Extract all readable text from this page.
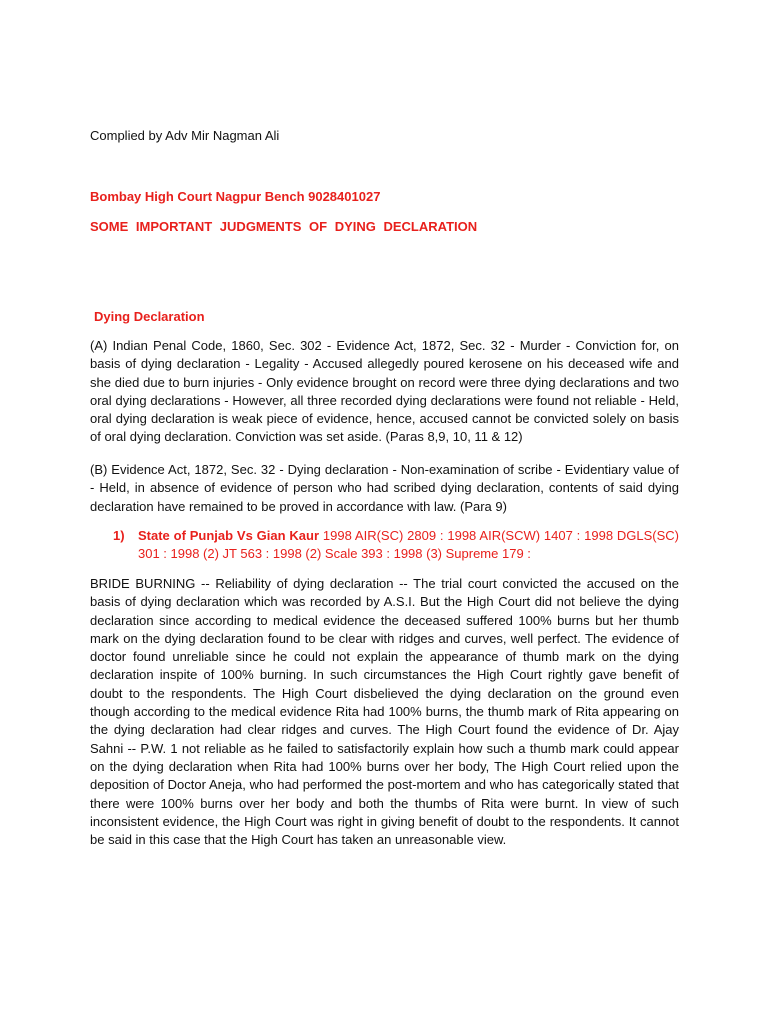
Complied by Adv Mir Nagman Ali
Bombay High Court Nagpur Bench 9028401027
SOME IMPORTANT JUDGMENTS OF DYING DECLARATION
Dying Declaration

(A) Indian Penal Code, 1860, Sec. 302 - Evidence Act, 1872, Sec. 32 - Murder - Conviction for, on basis of dying declaration - Legality - Accused allegedly poured kerosene on his deceased wife and she died due to burn injuries - Only evidence brought on record were three dying declarations and two oral dying declarations - However, all three recorded dying declarations were found not reliable - Held, oral dying declaration is weak piece of evidence, hence, accused cannot be convicted solely on basis of oral dying declaration. Conviction was set aside. (Paras 8,9, 10, 11 & 12)

(B) Evidence Act, 1872, Sec. 32 - Dying declaration - Non-examination of scribe - Evidentiary value of - Held, in absence of evidence of person who had scribed dying declaration, contents of said dying declaration have remained to be proved in accordance with law. (Para 9)

1)	State of Punjab Vs Gian Kaur 1998 AIR(SC) 2809 : 1998 AIR(SCW) 1407 : 1998 DGLS(SC) 301 : 1998 (2) JT 563 : 1998 (2) Scale 393 : 1998 (3) Supreme 179 :

BRIDE BURNING -- Reliability of dying declaration -- The trial court convicted the accused on the basis of dying declaration which was recorded by A.S.I. But the High Court did not believe the dying declaration since according to medical evidence the deceased suffered 100% burns but her thumb mark on the dying declaration found to be clear with ridges and curves, well perfect. The evidence of doctor found unreliable since he could not explain the appearance of thumb mark on the dying declaration inspite of 100% burning. In such circumstances the High Court rightly gave benefit of doubt to the respondents. The High Court disbelieved the dying declaration on the ground even though according to the medical evidence Rita had 100% burns, the thumb mark of Rita appearing on the dying declaration had clear ridges and curves. The High Court found the evidence of Dr. Ajay Sahni -- P.W. 1 not reliable as he failed to satisfactorily explain how such a thumb mark could appear on the dying declaration when Rita had 100% burns over her body, The High Court relied upon the deposition of Doctor Aneja, who had performed the post-mortem and who has categorically stated that there were 100% burns over her body and both the thumbs of Rita were burnt. In view of such inconsistent evidence, the High Court was right in giving benefit of doubt to the respondents. It cannot be said in this case that the High Court has taken an unreasonable view.
